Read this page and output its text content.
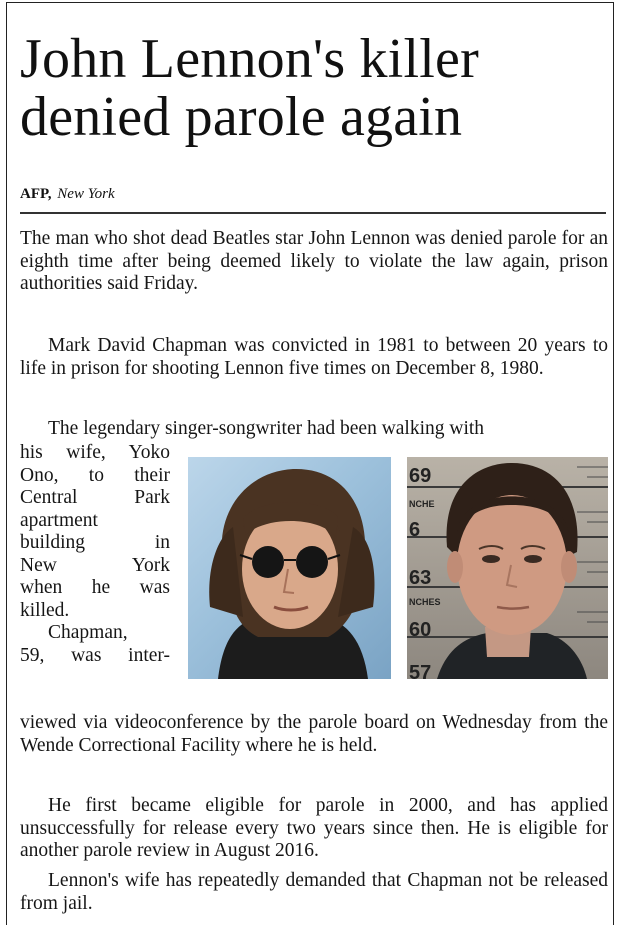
John Lennon's killer denied parole again
AFP, New York

The man who shot dead Beatles star John Lennon was denied parole for an eighth time after being deemed likely to violate the law again, prison authorities said Friday.

Mark David Chapman was convicted in 1981 to between 20 years to life in prison for shooting Lennon five times on December 8, 1980.

The legendary singer-songwriter had been walking with

his wife, Yoko
Ono, to their
Central Park
apartment
building in
New York
when he was
killed.
Chapman,
59, was inter-

viewed via videoconference by the parole board on Wednesday from the Wende Correctional Facility where he is held.

He first became eligible for parole in 2000, and has applied unsuccessfully for release every two years since then. He is eligible for another parole review in August 2016.

Lennon's wife has repeatedly demanded that Chapman not be released from jail.

69
NCHE
6
63
NCHES
60
57
